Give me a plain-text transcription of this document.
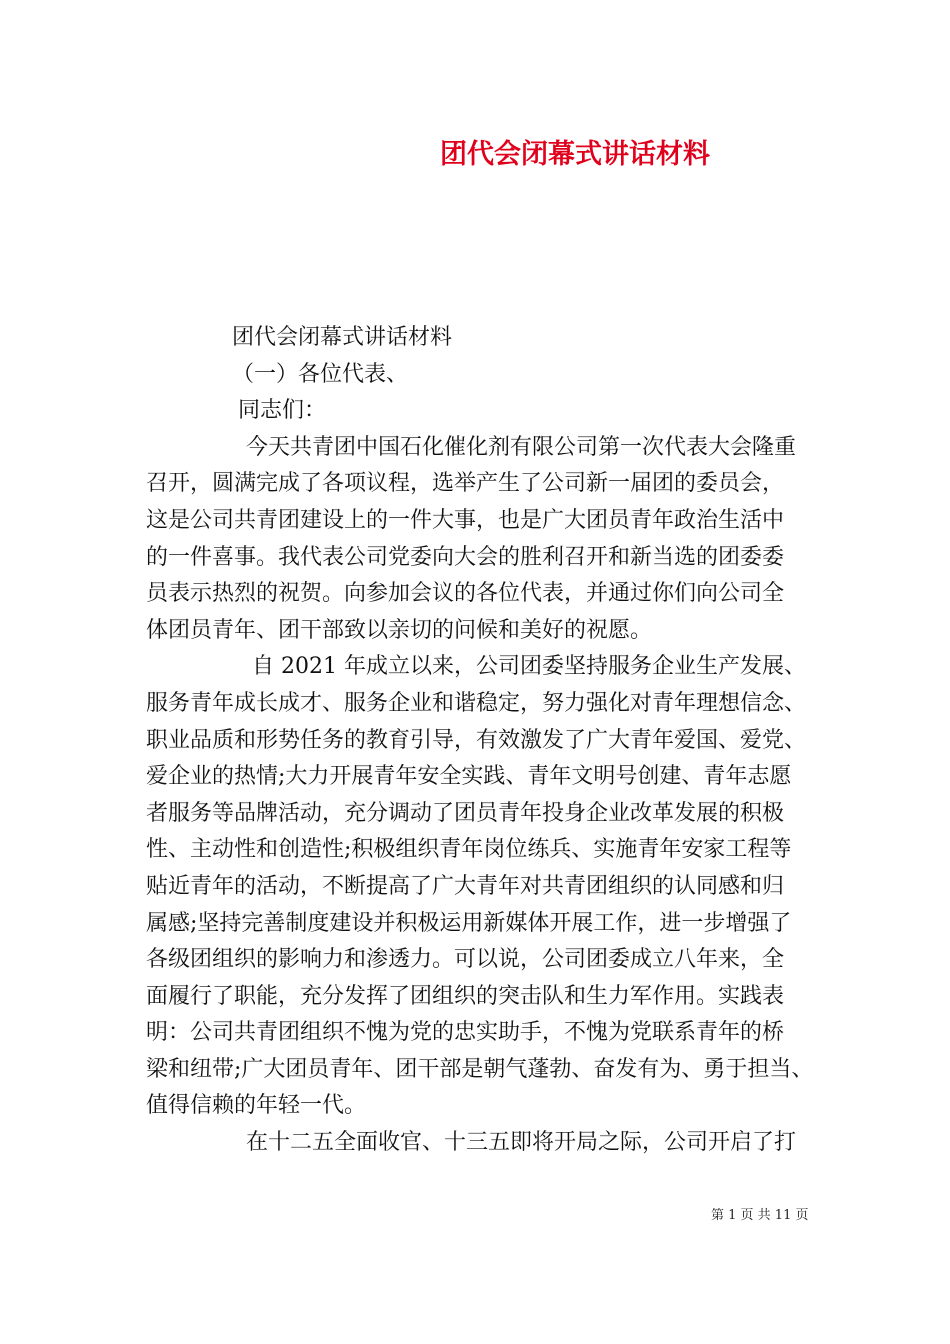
团代会闭幕式讲话材料
团代会闭幕式讲话材料
（一）各位代表、
同志们：
今天共青团中国石化催化剂有限公司第一次代表大会隆重
召开，圆满完成了各项议程，选举产生了公司新一届团的委员会，
这是公司共青团建设上的一件大事，也是广大团员青年政治生活中
的一件喜事。我代表公司党委向大会的胜利召开和新当选的团委委
员表示热烈的祝贺。向参加会议的各位代表，并通过你们向公司全
体团员青年、团干部致以亲切的问候和美好的祝愿。
自 2021 年成立以来，公司团委坚持服务企业生产发展、
服务青年成长成才、服务企业和谐稳定，努力强化对青年理想信念、
职业品质和形势任务的教育引导，有效激发了广大青年爱国、爱党、
爱企业的热情;大力开展青年安全实践、青年文明号创建、青年志愿
者服务等品牌活动，充分调动了团员青年投身企业改革发展的积极
性、主动性和创造性;积极组织青年岗位练兵、实施青年安家工程等
贴近青年的活动，不断提高了广大青年对共青团组织的认同感和归
属感;坚持完善制度建设并积极运用新媒体开展工作，进一步增强了
各级团组织的影响力和渗透力。可以说，公司团委成立八年来，全
面履行了职能，充分发挥了团组织的突击队和生力军作用。实践表
明：公司共青团组织不愧为党的忠实助手，不愧为党联系青年的桥
梁和纽带;广大团员青年、团干部是朝气蓬勃、奋发有为、勇于担当、
值得信赖的年轻一代。
在十二五全面收官、十三五即将开局之际，公司开启了打
第 1 页 共 11 页
